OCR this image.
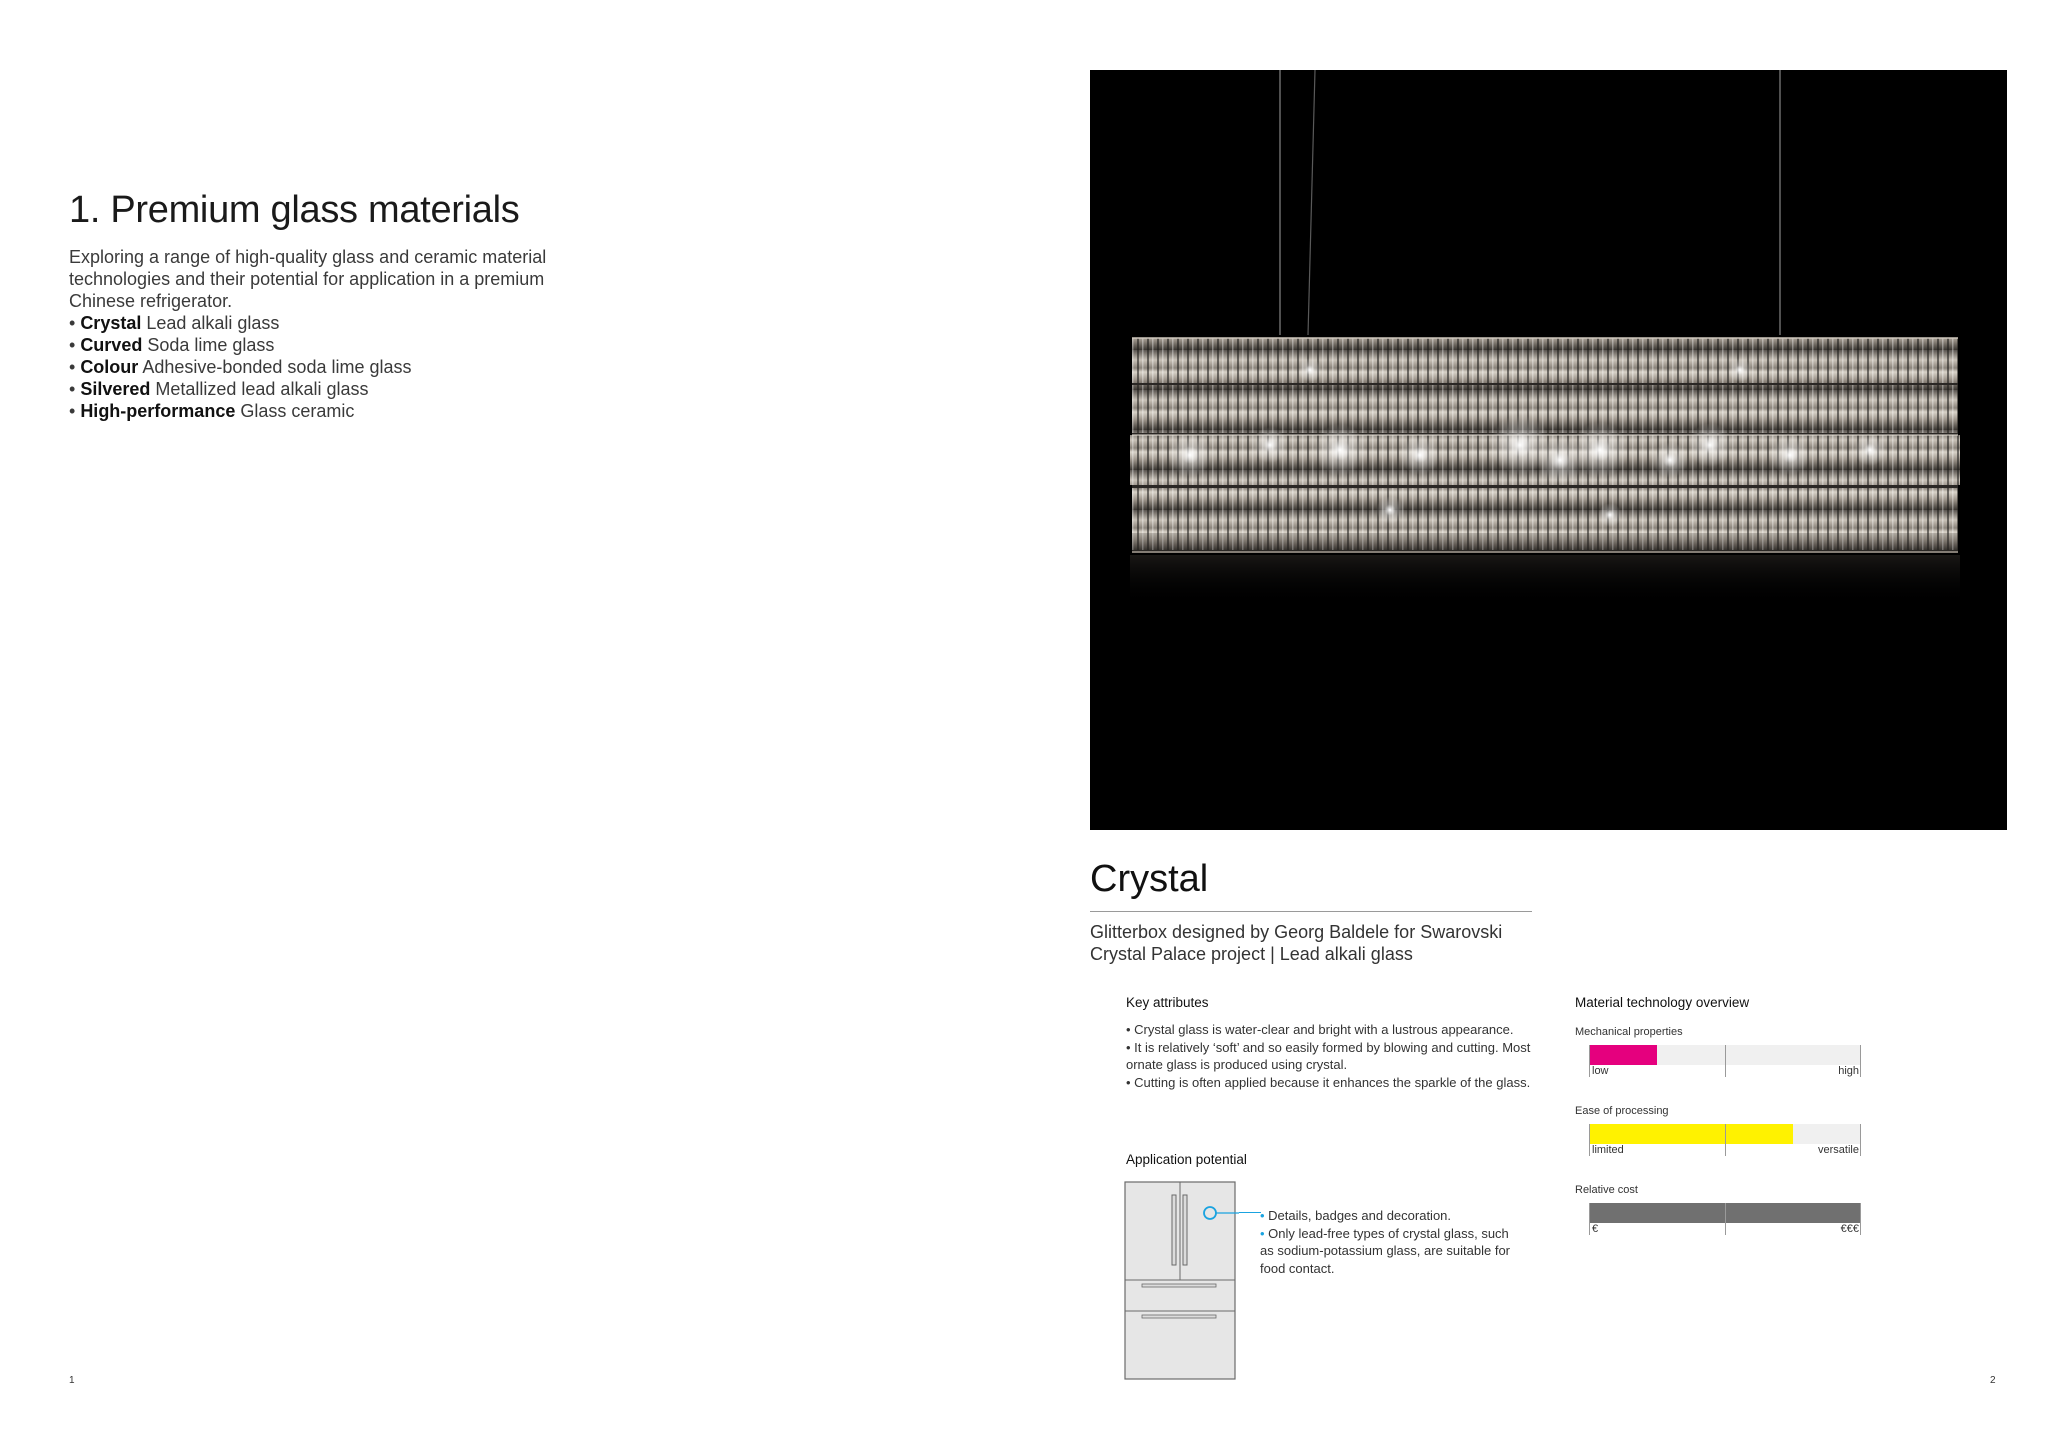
1. Premium glass materials

Exploring a range of high-quality glass and ceramic material technologies and their potential for application in a premium Chinese refrigerator.

• Crystal Lead alkali glass
• Curved Soda lime glass
• Colour Adhesive-bonded soda lime glass
• Silvered Metallized lead alkali glass
• High-performance Glass ceramic
1
Crystal
Glitterbox designed by Georg Baldele for Swarovski
Crystal Palace project | Lead alkali glass
Key attributes
• Crystal glass is water-clear and bright with a lustrous appearance.
• It is relatively ‘soft’ and so easily formed by blowing and cutting. Most ornate glass is produced using crystal.
• Cutting is often applied because it enhances the sparkle of the glass.
Application potential
• Details, badges and decoration.
• Only lead-free types of crystal glass, such as sodium-potassium glass, are suitable for food contact.
Material technology overview

Mechanical properties

low	high

Ease of processing

limited	versatile

Relative cost

€	€€€
2
